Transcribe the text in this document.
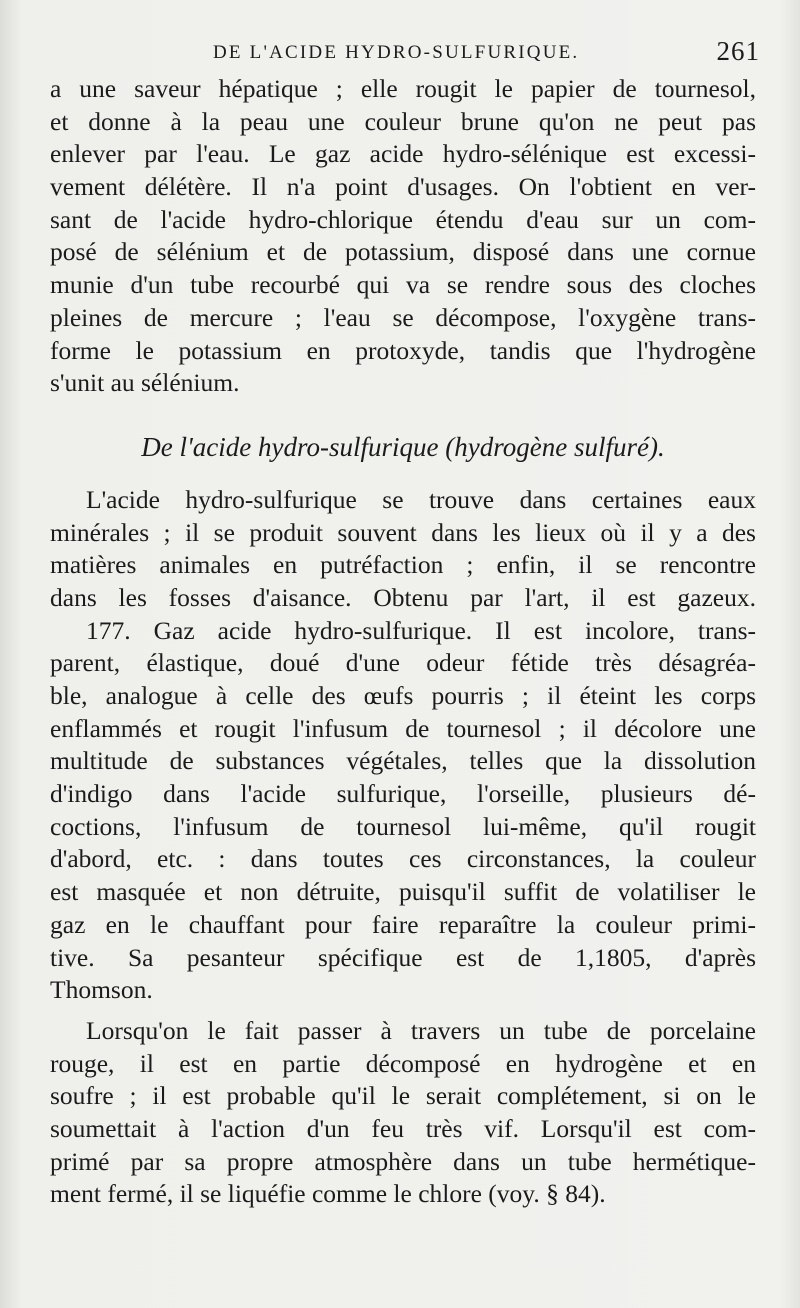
DE L'ACIDE HYDRO-SULFURIQUE.	261
a une saveur hépatique ; elle rougit le papier de tournesol,
et donne à la peau une couleur brune qu'on ne peut pas
enlever par l'eau. Le gaz acide hydro-sélénique est excessi-
vement délétère. Il n'a point d'usages. On l'obtient en ver-
sant de l'acide hydro-chlorique étendu d'eau sur un com-
posé de sélénium et de potassium, disposé dans une cornue
munie d'un tube recourbé qui va se rendre sous des cloches
pleines de mercure ; l'eau se décompose, l'oxygène trans-
forme le potassium en protoxyde, tandis que l'hydrogène
s'unit au sélénium.
De l'acide hydro-sulfurique (hydrogène sulfuré).
L'acide hydro-sulfurique se trouve dans certaines eaux
minérales ; il se produit souvent dans les lieux où il y a des
matières animales en putréfaction ; enfin, il se rencontre
dans les fosses d'aisance. Obtenu par l'art, il est gazeux.
177. Gaz acide hydro-sulfurique. Il est incolore, trans-
parent, élastique, doué d'une odeur fétide très désagréa-
ble, analogue à celle des œufs pourris ; il éteint les corps
enflammés et rougit l'infusum de tournesol ; il décolore une
multitude de substances végétales, telles que la dissolution
d'indigo dans l'acide sulfurique, l'orseille, plusieurs dé-
coctions, l'infusum de tournesol lui-même, qu'il rougit
d'abord, etc. : dans toutes ces circonstances, la couleur
est masquée et non détruite, puisqu'il suffit de volatiliser le
gaz en le chauffant pour faire reparaître la couleur primi-
tive. Sa pesanteur spécifique est de 1,1805, d'après
Thomson.
Lorsqu'on le fait passer à travers un tube de porcelaine
rouge, il est en partie décomposé en hydrogène et en
soufre ; il est probable qu'il le serait complétement, si on le
soumettait à l'action d'un feu très vif. Lorsqu'il est com-
primé par sa propre atmosphère dans un tube hermétique-
ment fermé, il se liquéfie comme le chlore (voy. § 84).
